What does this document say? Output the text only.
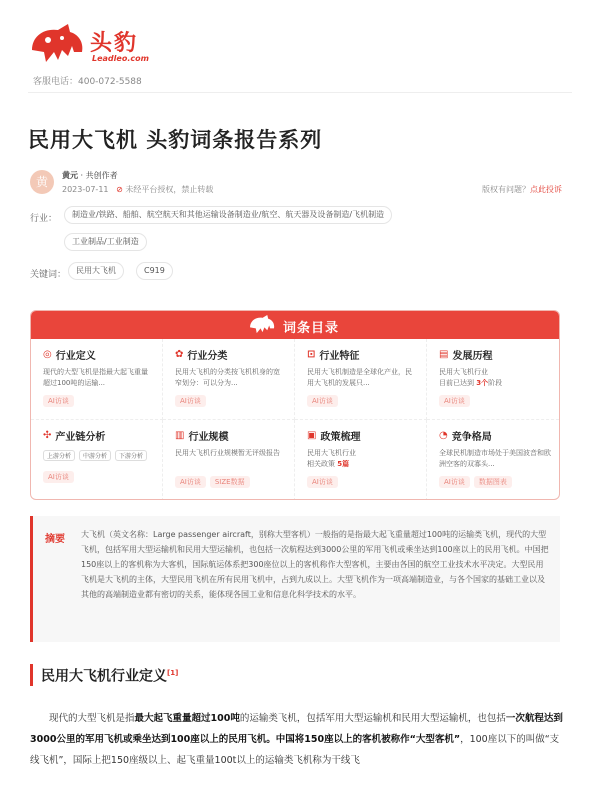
头豹
Leadleo.com
客服电话：400-072-5588
民用大飞机 头豹词条报告系列
黄	黄元 · 共创作者
2023-07-11 ⊘ 未经平台授权，禁止转载	版权有问题？点此投诉
行业：	制造业/铁路、船舶、航空航天和其他运输设备制造业/航空、航天器及设备制造/飞机制造
工业制品/工业制造
关键词：	民用大飞机	C919
词条目录
◎ 行业定义
现代的大型飞机是指最大起飞重量超过100吨的运输...
AI访谈
✿ 行业分类
民用大飞机的分类按飞机机身的宽窄划分：可以分为...
AI访谈
⊡ 行业特征
民用大飞机制造是全球化产业，民用大飞机的发展只...
AI访谈
▤ 发展历程
民用大飞机行业
目前已达到 3个阶段
AI访谈
✣ 产业链分析
上游分析	中游分析	下游分析
AI访谈
▥ 行业规模
民用大飞机行业规模暂无评级报告
AI访谈	SIZE数据
▣ 政策梳理
民用大飞机行业
相关政策 5篇
AI访谈
◔ 竞争格局
全球民机制造市场处于美国波音和欧洲空客的双寡头...
AI访谈	数据图表
摘要 大飞机（英文名称：Large passenger aircraft，别称大型客机）一般指的是指最大起飞重量超过100吨的运输类飞机，现代的大型飞机，包括军用大型运输机和民用大型运输机，也包括一次航程达到3000公里的军用飞机或乘坐达到100座以上的民用飞机。中国把150座以上的客机称为大客机，国际航运体系把300座位以上的客机称作大型客机，主要由各国的航空工业技术水平决定。大型民用飞机是大飞机的主体，大型民用飞机在所有民用飞机中，占到九成以上。大型飞机作为一项高端制造业，与各个国家的基础工业以及其他的高端制造业都有密切的关系，能体现各国工业和信息化科学技术的水平。
民用大飞机行业定义[1]
现代的大型飞机是指最大起飞重量超过100吨的运输类飞机，包括军用大型运输机和民用大型运输机，也包括一次航程达到3000公里的军用飞机或乘坐达到100座以上的民用飞机。中国将150座以上的客机被称作“大型客机”，100座以下的叫做“支线飞机”，国际上把150座级以上、起飞重量100t以上的运输类飞机称为干线飞
